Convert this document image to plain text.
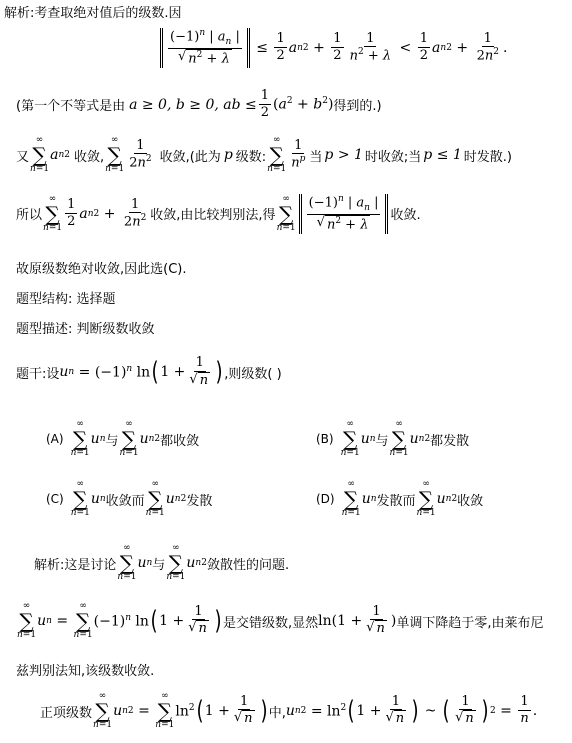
解析:考查取绝对值后的级数.因
$\frac{(-1)^n | a_n |}{√ n^2 + \lambda} \le \frac{1}{2}$ a n $2 + \frac{1}{2} \frac{1}{n^2 + \lambda} < \frac{1}{2}$ a n $2 + \frac{1}{2n^2}$ .
(第一个不等式是由 a ≥ 0, b ≥ 0, ab ≤ $\frac{1}{2} (a^2 + b^2)$ 得到的.)
又
∞
∑
n=1
a n 2 收敛,
∞
∑
$n=1 \frac{1}{2n^2}$ 收敛,(此为 p 级数:
∞
∑
$n=1 \frac{1}{n^p}$ 当 p > 1 时收敛;当 p ≤ 1 时发散.)
所以
∞
∑
$n=1 \frac{1}{2}$ a n $2 + \frac{1}{2n^2}$ 收敛,由比较判别法,得
∞
∑
$n=1 \frac{(-1)^n | a_n |}{√ n^2 + \lambda}$ 收敛.
故原级数绝对收敛,因此选(C).
题型结构: 选择题
题型描述: 判断级数收敛
题干:设 u $n = (-1)^n$ ln ( $1 + \frac{1}{√ n}$ ) ,则级数( )
(A)
∞
∑
n=1
u n 与
∞
∑
n=1
u n 2 都收敛	(B)
∞
∑
n=1
u n 与
∞
∑
n=1
u n 2 都发散
(C)
∞
∑
n=1
u n 收敛而
∞
∑
n=1
u n 2 发散	(D)
∞
∑
n=1
u n 发散而
∞
∑
n=1
u n 2 收敛
解析:这是讨论
∞
∑
n=1
u n 与
∞
∑
n=1
u n 2 敛散性的问题.
∞
∑
n=1
u n =
∞
∑
n=1
$(-1)^n$ ln ( $1 + \frac{1}{√ n}$ ) 是交错级数,显然 $\ln(1 + \frac{1}{√ n}$ ) 单调下降趋于零,由莱布尼
兹判别法知,该级数收敛.
正项级数
∞
∑
n=1
u n 2 =
∞
∑
n=1
$\ln^2$ ( $1 + \frac{1}{√ n}$ ) 中, u n $2 = \ln^2$ ( $1 + \frac{1}{√ n}$ ) ~ ( $\frac{1}{√ n}$ ) $2 = \frac{1}{n}$ .
